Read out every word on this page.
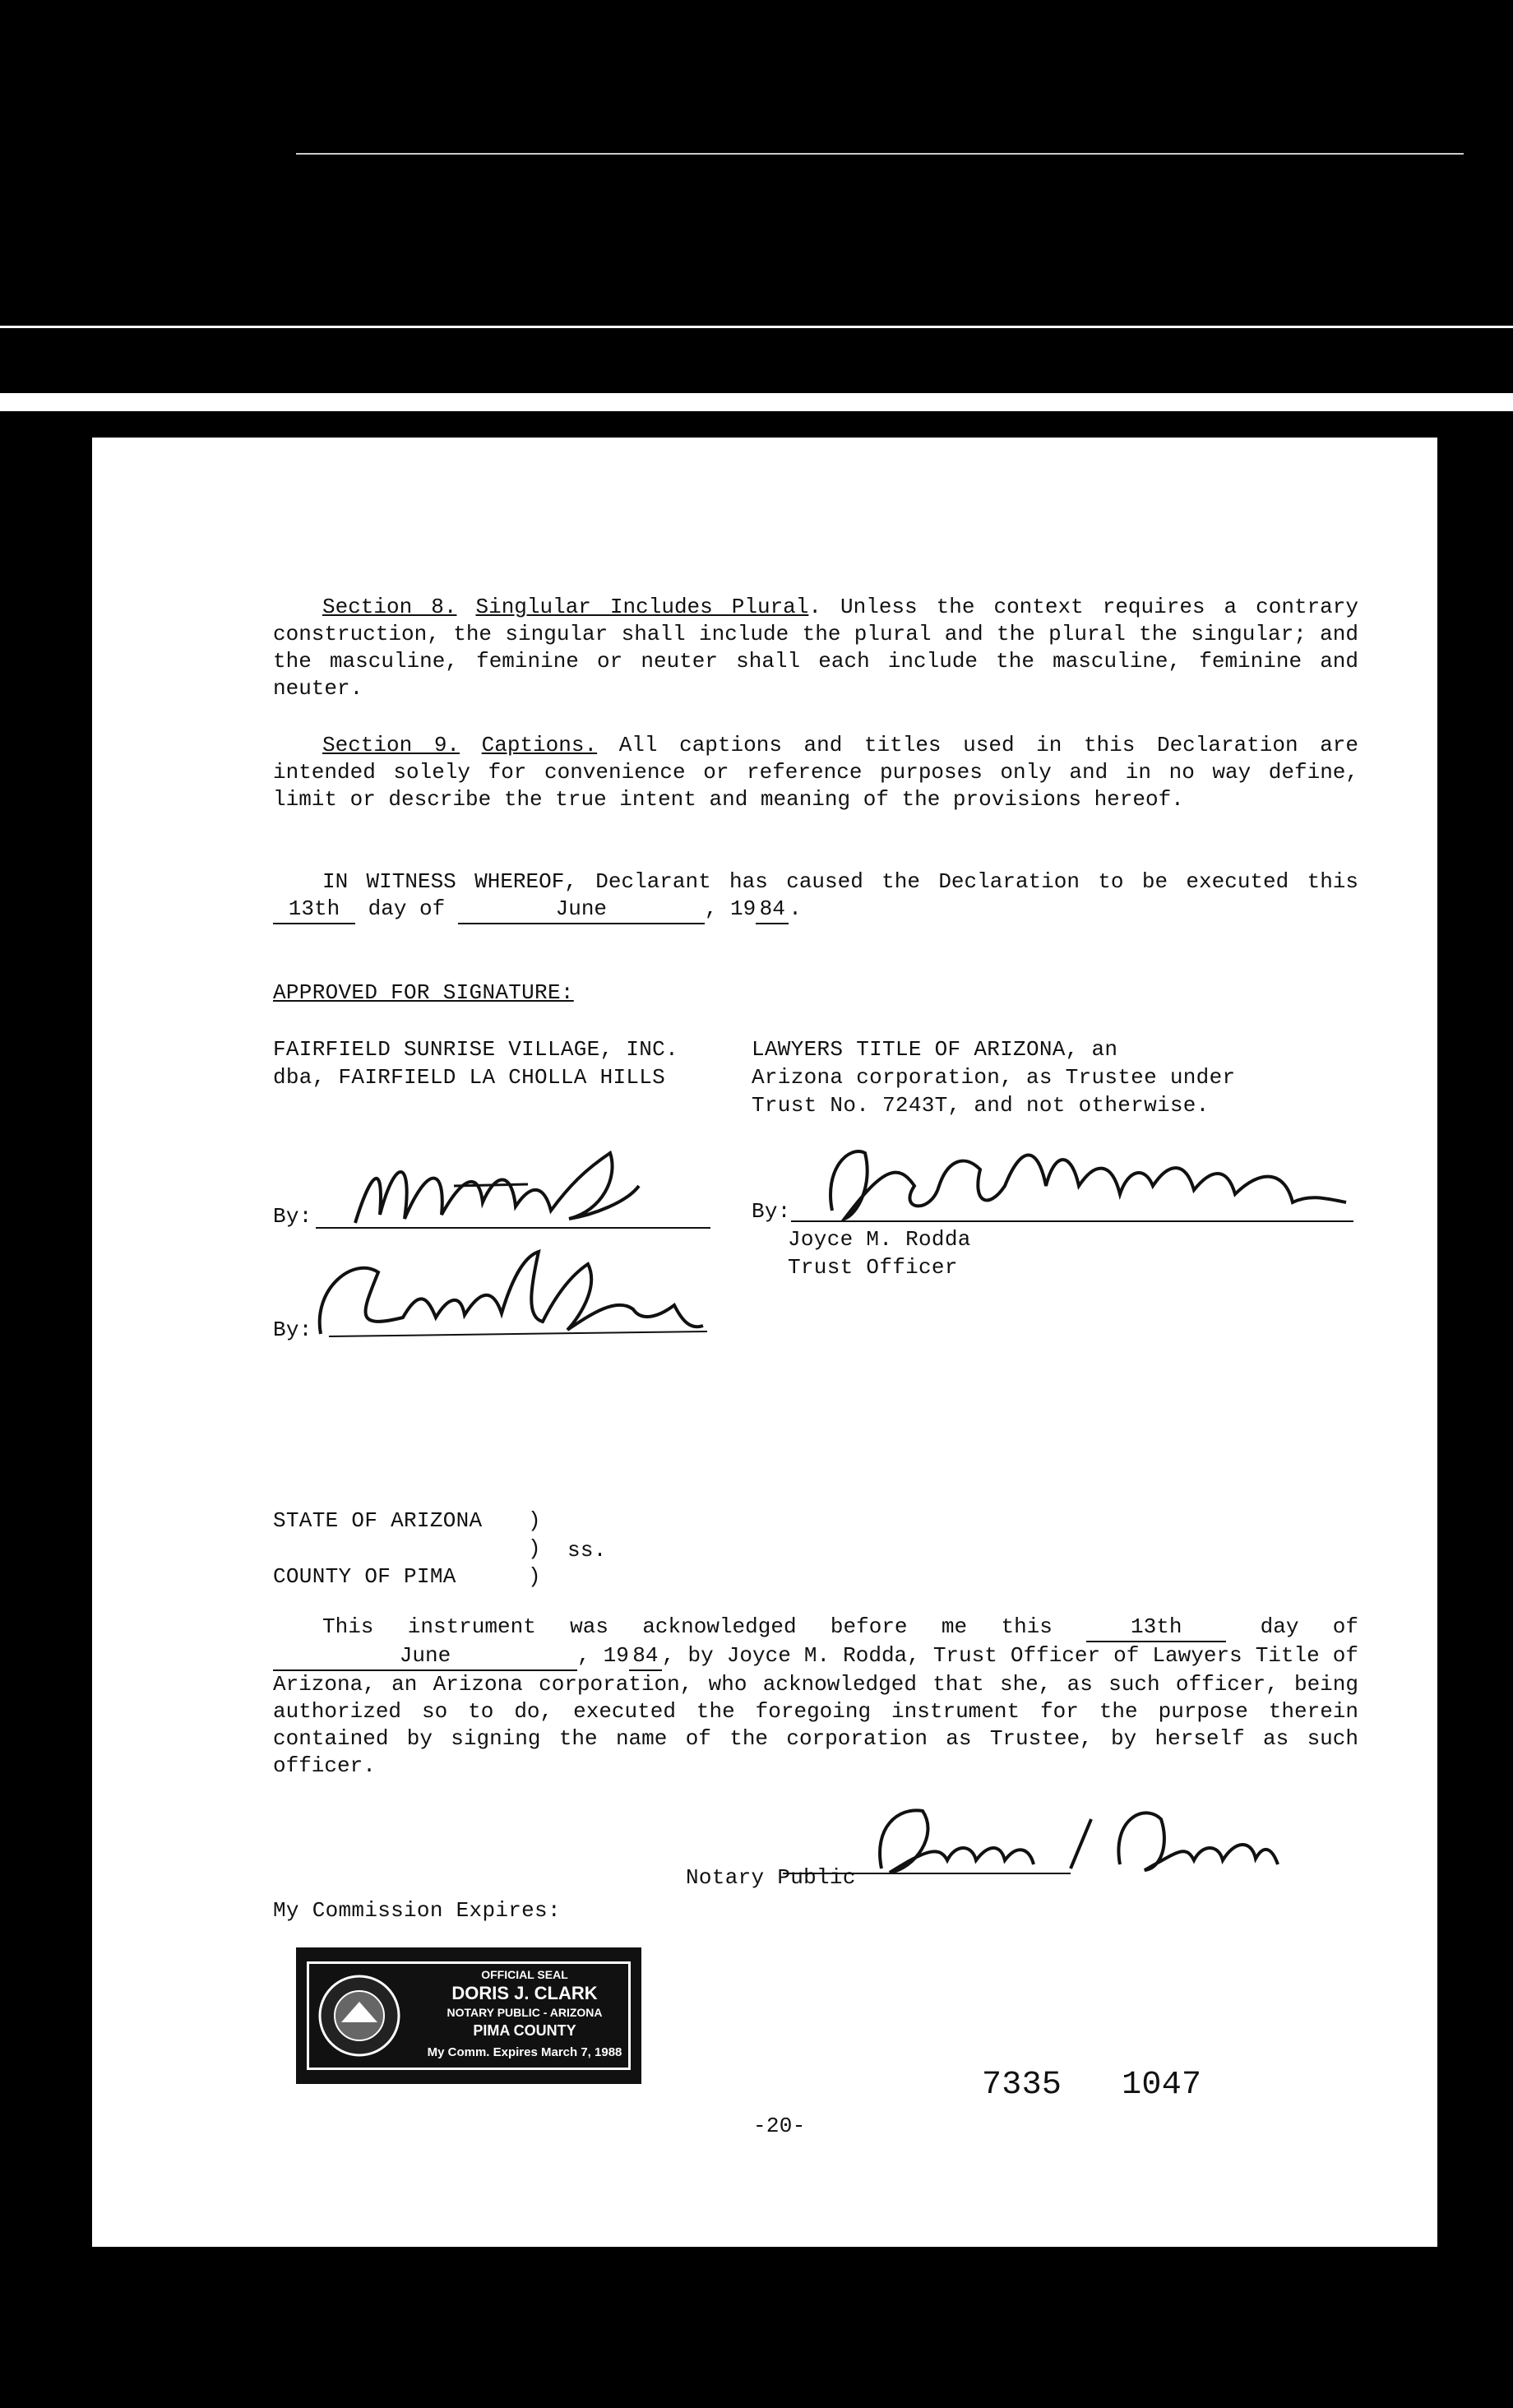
Section 8. Singlular Includes Plural. Unless the context requires a contrary construction, the singular shall include the plural and the plural the singular; and the masculine, feminine or neuter shall each include the masculine, feminine and neuter.
Section 9. Captions. All captions and titles used in this Declaration are intended solely for convenience or reference purposes only and in no way define, limit or describe the true intent and meaning of the provisions hereof.
IN WITNESS WHEREOF, Declarant has caused the Declaration to be executed this 13th day of	June	, 19 84 .
APPROVED FOR SIGNATURE:
FAIRFIELD SUNRISE VILLAGE, INC.
dba, FAIRFIELD LA CHOLLA HILLS
LAWYERS TITLE OF ARIZONA, an
Arizona corporation, as Trustee under
Trust No. 7243T, and not otherwise.
By:
By:
By:
Joyce M. Rodda
Trust Officer
STATE OF ARIZONA )
) ss.
COUNTY OF PIMA	)
This instrument was acknowledged before me this	13th	day of June	, 19 84 , by Joyce M. Rodda, Trust Officer of Lawyers Title of Arizona, an Arizona corporation, who acknowledged that she, as such officer, being authorized so to do, executed the foregoing instrument for the purpose therein contained by signing the name of the corporation as Trustee, by herself as such officer.
Notary Public
My Commission Expires:
OFFICIAL SEAL
DORIS J. CLARK
NOTARY PUBLIC - ARIZONA
PIMA COUNTY
My Comm. Expires March 7, 1988
7335   1047
-20-
